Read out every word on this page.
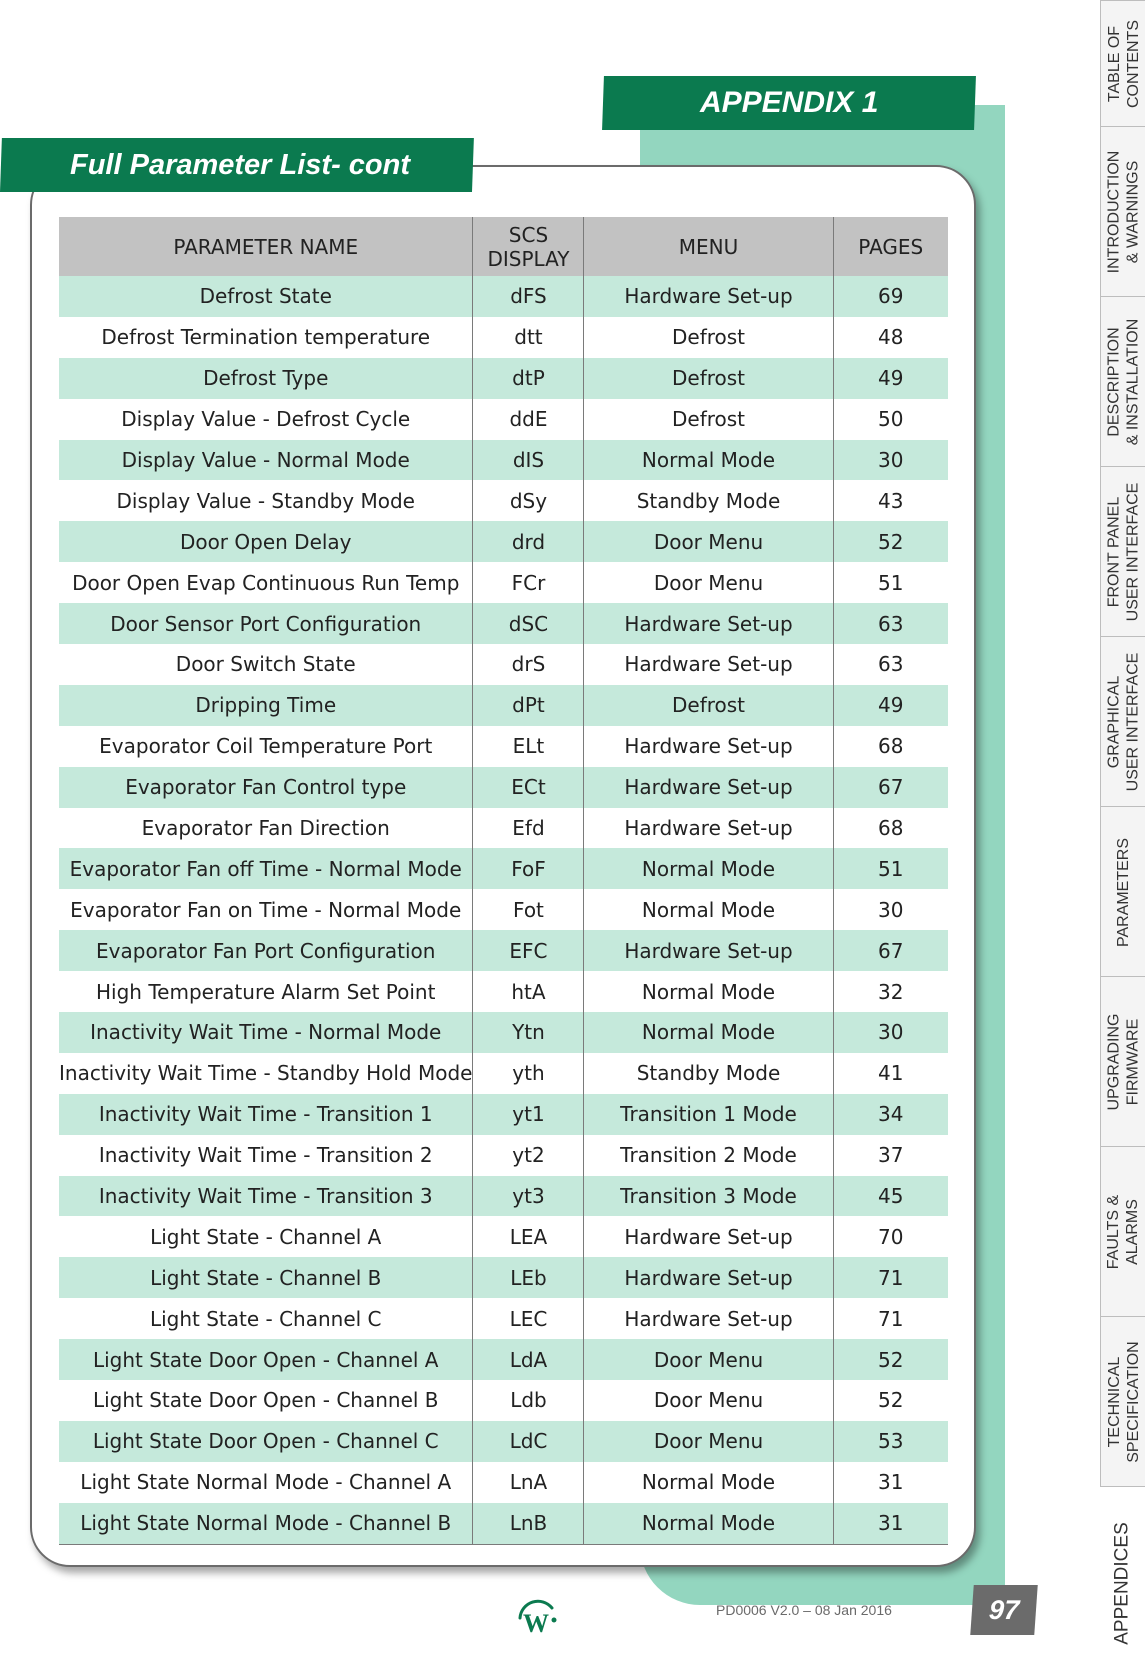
APPENDIX 1
Full Parameter List- cont
PARAMETER NAME	SCS DISPLAY	MENU	PAGES
Defrost State	dFS	Hardware Set-up	69
Defrost Termination temperature	dtt	Defrost	48
Defrost Type	dtP	Defrost	49
Display Value - Defrost Cycle	ddE	Defrost	50
Display Value - Normal Mode	dIS	Normal Mode	30
Display Value - Standby Mode	dSy	Standby Mode	43
Door Open Delay	drd	Door Menu	52
Door Open Evap Continuous Run Temp	FCr	Door Menu	51
Door Sensor Port Configuration	dSC	Hardware Set-up	63
Door Switch State	drS	Hardware Set-up	63
Dripping Time	dPt	Defrost	49
Evaporator Coil Temperature Port	ELt	Hardware Set-up	68
Evaporator Fan Control type	ECt	Hardware Set-up	67
Evaporator Fan Direction	Efd	Hardware Set-up	68
Evaporator Fan off Time - Normal Mode	FoF	Normal Mode	51
Evaporator Fan on Time - Normal Mode	Fot	Normal Mode	30
Evaporator Fan Port Configuration	EFC	Hardware Set-up	67
High Temperature Alarm Set Point	htA	Normal Mode	32
Inactivity Wait Time - Normal Mode	Ytn	Normal Mode	30
Inactivity Wait Time - Standby Hold Mode	yth	Standby Mode	41
Inactivity Wait Time - Transition 1	yt1	Transition 1 Mode	34
Inactivity Wait Time - Transition 2	yt2	Transition 2 Mode	37
Inactivity Wait Time - Transition 3	yt3	Transition 3 Mode	45
Light State - Channel A	LEA	Hardware Set-up	70
Light State - Channel B	LEb	Hardware Set-up	71
Light State - Channel C	LEC	Hardware Set-up	71
Light State Door Open - Channel A	LdA	Door Menu	52
Light State Door Open - Channel B	Ldb	Door Menu	52
Light State Door Open - Channel C	LdC	Door Menu	53
Light State Normal Mode - Channel A	LnA	Normal Mode	31
Light State Normal Mode - Channel B	LnB	Normal Mode	31
TABLE OF
CONTENTS
INTRODUCTION
& WARNINGS
DESCRIPTION
& INSTALLATION
FRONT PANEL
USER INTERFACE
GRAPHICAL
USER INTERFACE
PARAMETERS
UPGRADING
FIRMWARE
FAULTS &
ALARMS
TECHNICAL
SPECIFICATION
APPENDICES
W	PD0006 V2.0 – 08 Jan 2016	97
